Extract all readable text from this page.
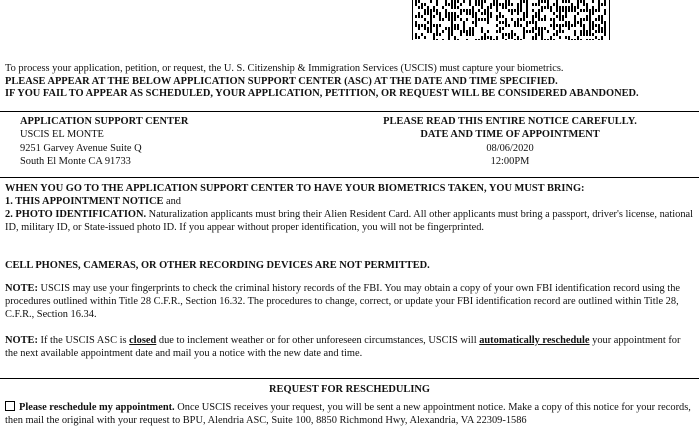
To process your application, petition, or request, the U. S. Citizenship & Immigration Services (USCIS) must capture your biometrics.
PLEASE APPEAR AT THE BELOW APPLICATION SUPPORT CENTER (ASC) AT THE DATE AND TIME SPECIFIED.
IF YOU FAIL TO APPEAR AS SCHEDULED, YOUR APPLICATION, PETITION, OR REQUEST WILL BE CONSIDERED ABANDONED.
APPLICATION SUPPORT CENTER
USCIS EL MONTE
9251 Garvey Avenue Suite Q
South El Monte CA 91733
PLEASE READ THIS ENTIRE NOTICE CAREFULLY.
DATE AND TIME OF APPOINTMENT
08/06/2020
12:00PM
WHEN YOU GO TO THE APPLICATION SUPPORT CENTER TO HAVE YOUR BIOMETRICS TAKEN, YOU MUST BRING:
1. THIS APPOINTMENT NOTICE and
2. PHOTO IDENTIFICATION. Naturalization applicants must bring their Alien Resident Card. All other applicants must bring a passport, driver's license, national ID, military ID, or State-issued photo ID. If you appear without proper identification, you will not be fingerprinted.
CELL PHONES, CAMERAS, OR OTHER RECORDING DEVICES ARE NOT PERMITTED.
NOTE: USCIS may use your fingerprints to check the criminal history records of the FBI. You may obtain a copy of your own FBI identification record using the procedures outlined within Title 28 C.F.R., Section 16.32. The procedures to change, correct, or update your FBI identification record are outlined within Title 28, C.F.R., Section 16.34.
NOTE: If the USCIS ASC is closed due to inclement weather or for other unforeseen circumstances, USCIS will automatically reschedule your appointment for the next available appointment date and mail you a notice with the new date and time.
REQUEST FOR RESCHEDULING
Please reschedule my appointment. Once USCIS receives your request, you will be sent a new appointment notice. Make a copy of this notice for your records, then mail the original with your request to BPU, Alendria ASC, Suite 100, 8850 Richmond Hwy, Alexandria, VA 22309-1586
